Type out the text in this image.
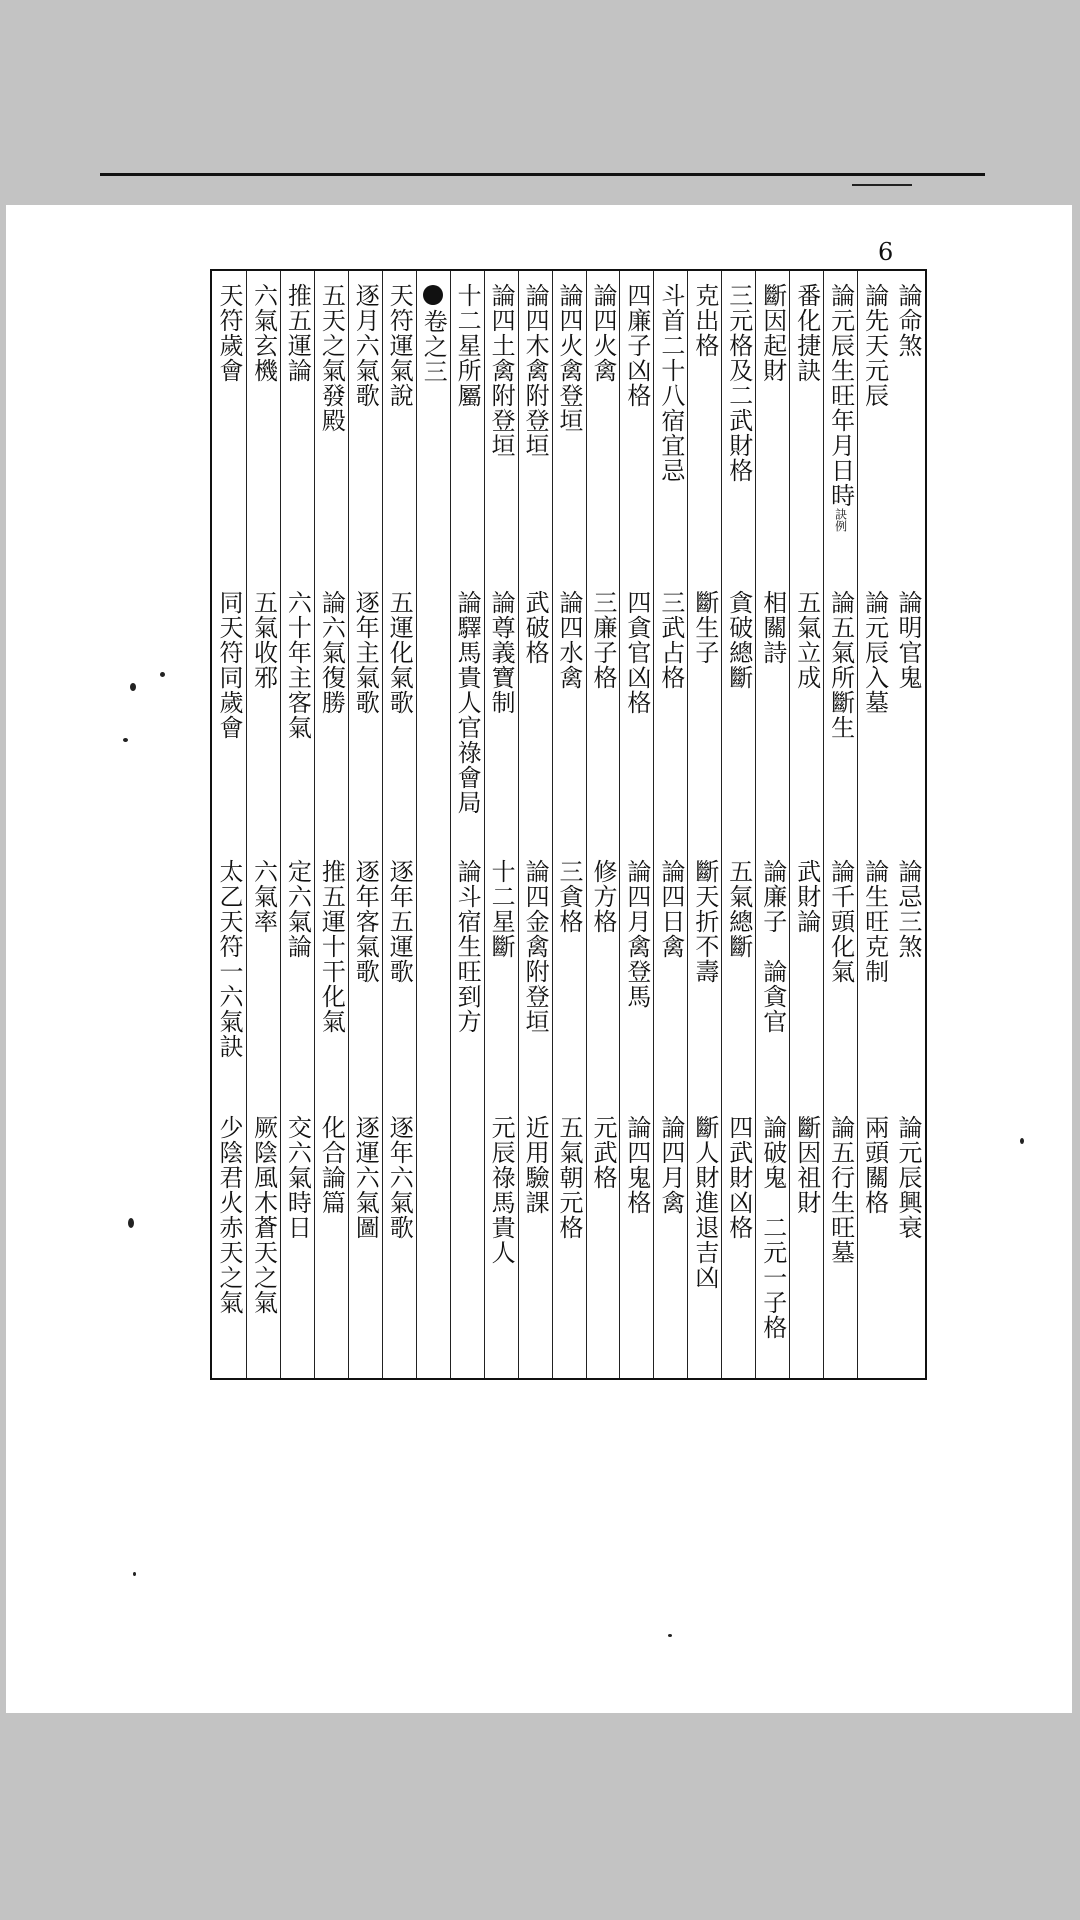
6
論命煞
論明官鬼
論忌三煞
論元辰興衰
論先天元辰
論元辰入墓
論生旺克制
兩頭關格
論元辰生旺年月日時訣例
論五氣所斷生
論千頭化氣
論五行生旺墓
番化捷訣
五氣立成
武財論
斷因祖財
斷因起財
相關詩
論廉子　論貪官
論破鬼　二元一子格
三元格及二武財格
貪破總斷
五氣總斷
四武財凶格
克出格
斷生子
斷天折不壽
斷人財進退吉凶
斗首二十八宿宜忌
三武占格
論四日禽
論四月禽
四廉子凶格
四貪官凶格
論四月禽登馬
論四鬼格
論四火禽
三廉子格
修方格
元武格
論四火禽登垣
論四水禽
三貪格
五氣朝元格
論四木禽附登垣
武破格
論四金禽附登垣
近用驗課
論四土禽附登垣
論尊義寶制
十二星斷
元辰祿馬貴人
十二星所屬
論驛馬貴人官祿會局
論斗宿生旺到方
卷之三
天符運氣說
五運化氣歌
逐年五運歌
逐年六氣歌
逐月六氣歌
逐年主氣歌
逐年客氣歌
逐運六氣圖
五天之氣發殿
論六氣復勝
推五運十干化氣
化合論篇
推五運論
六十年主客氣
定六氣論
交六氣時日
六氣玄機
五氣收邪
六氣率
厥陰風木蒼天之氣
天符歲會
同天符同歲會
太乙天符一六氣訣
少陰君火赤天之氣
